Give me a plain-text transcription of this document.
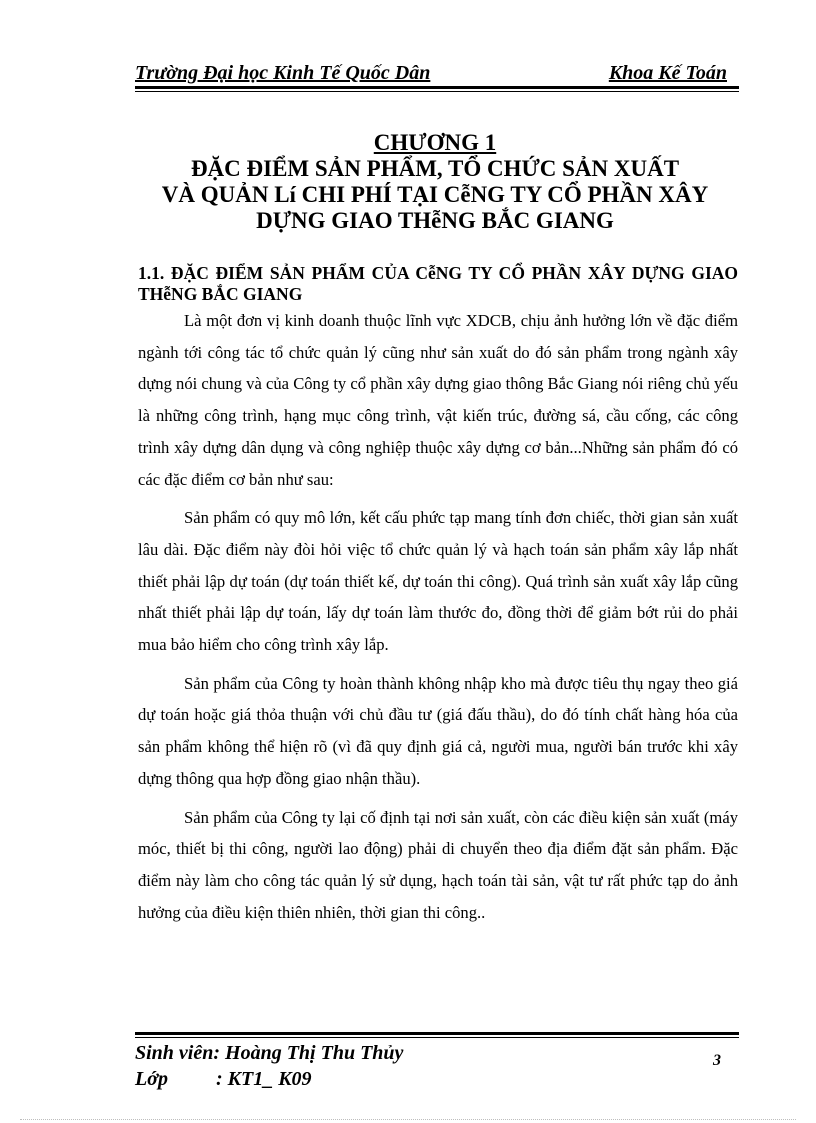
Trường Đại học Kinh Tế Quốc Dân	Khoa Kế Toán
CHƯƠNG 1
ĐẶC ĐIỂM SẢN PHẨM, TỔ CHỨC SẢN XUẤT
VÀ QUẢN Lí CHI PHÍ TẠI CễNG TY CỔ PHẦN XÂY
DỰNG GIAO THễNG BẮC GIANG
1.1. ĐẶC ĐIỂM SẢN PHẨM CỦA CễNG TY CỔ PHẦN XÂY DỰNG GIAO THễNG BẮC GIANG

Là một đơn vị kinh doanh thuộc lĩnh vực XDCB, chịu ảnh hưởng lớn về đặc điểm ngành tới công tác tổ chức quản lý cũng như sản xuất do đó sản phẩm trong ngành xây dựng nói chung và của Công ty cổ phần xây dựng giao thông Bắc Giang nói riêng chủ yếu là những công trình, hạng mục công trình, vật kiến trúc, đường sá, cầu cống, các công trình xây dựng dân dụng và công nghiệp thuộc xây dựng cơ bản...Những sản phẩm đó có các đặc điểm cơ bản như sau:

Sản phẩm có quy mô lớn, kết cấu phức tạp mang tính đơn chiếc, thời gian sản xuất lâu dài. Đặc điểm này đòi hỏi việc tổ chức quản lý và hạch toán sản phẩm xây lắp nhất thiết phải lập dự toán (dự toán thiết kế, dự toán thi công). Quá trình sản xuất xây lắp cũng nhất thiết phải lập dự toán, lấy dự toán làm thước đo, đồng thời để giảm bớt rủi do phải mua bảo hiểm cho công trình xây lắp.

Sản phẩm của Công ty hoàn thành không nhập kho mà được tiêu thụ ngay theo giá dự toán hoặc giá thỏa thuận với chủ đầu tư (giá đấu thầu), do đó tính chất hàng hóa của sản phẩm không thể hiện rõ (vì đã quy định giá cả, người mua, người bán trước khi xây dựng thông qua hợp đồng giao nhận thầu).

Sản phẩm của Công ty lại cố định tại nơi sản xuất, còn các điều kiện sản xuất (máy móc, thiết bị thi công, người lao động) phải di chuyển theo địa điểm đặt sản phẩm. Đặc điểm này làm cho công tác quản lý sử dụng, hạch toán tài sản, vật tư rất phức tạp do ảnh hưởng của điều kiện thiên nhiên, thời gian thi công..

Sinh viên: Hoàng Thị Thu Thủy
Lớp : KT1_ K09
3
